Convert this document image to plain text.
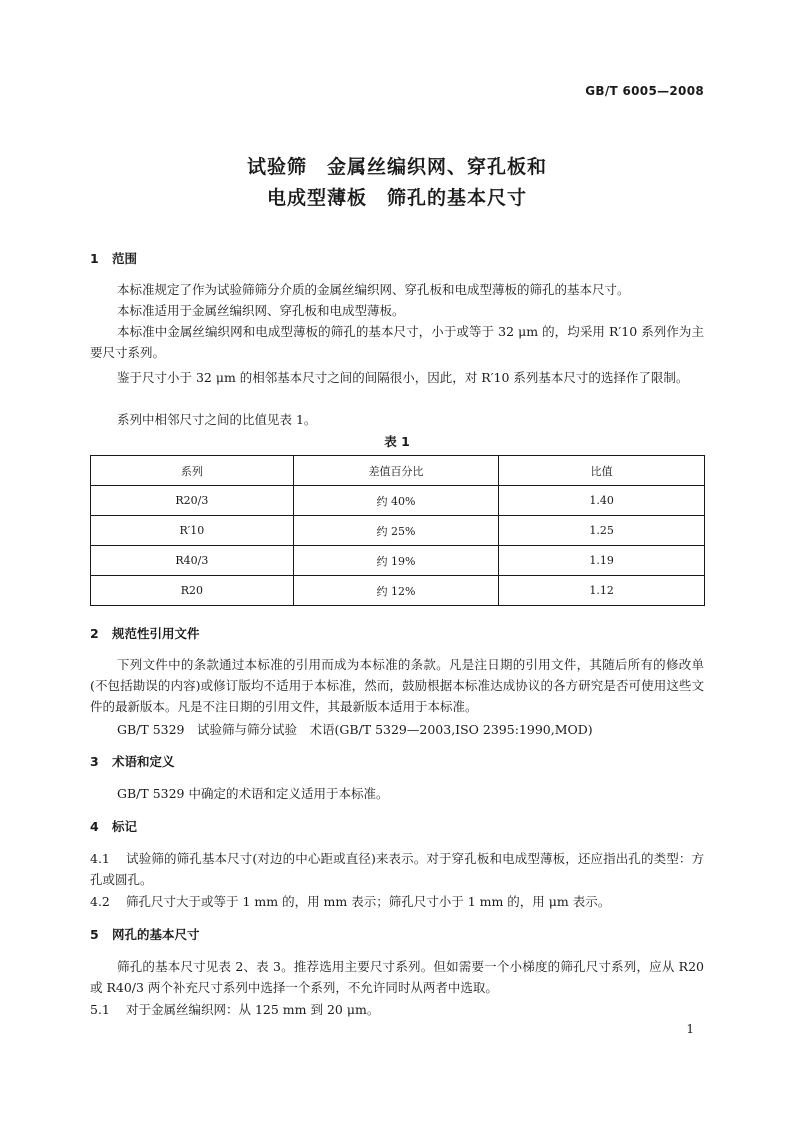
GB/T 6005—2008
试验筛　金属丝编织网、穿孔板和
电成型薄板　筛孔的基本尺寸
1 范围
本标准规定了作为试验筛筛分介质的金属丝编织网、穿孔板和电成型薄板的筛孔的基本尺寸。
本标准适用于金属丝编织网、穿孔板和电成型薄板。
本标准中金属丝编织网和电成型薄板的筛孔的基本尺寸，小于或等于 32 μm 的，均采用 R′10 系列作为主要尺寸系列。
鉴于尺寸小于 32 μm 的相邻基本尺寸之间的间隔很小，因此，对 R′10 系列基本尺寸的选择作了限制。
系列中相邻尺寸之间的比值见表 1。
表 1
系列	差值百分比	比值
R20/3	约 40%	1.40
R′10	约 25%	1.25
R40/3	约 19%	1.19
R20	约 12%	1.12
2 规范性引用文件
下列文件中的条款通过本标准的引用而成为本标准的条款。凡是注日期的引用文件，其随后所有的修改单(不包括勘误的内容)或修订版均不适用于本标准，然而，鼓励根据本标准达成协议的各方研究是否可使用这些文件的最新版本。凡是不注日期的引用文件，其最新版本适用于本标准。
GB/T 5329　试验筛与筛分试验　术语(GB/T 5329—2003,ISO 2395:1990,MOD)
3 术语和定义
GB/T 5329 中确定的术语和定义适用于本标准。
4 标记
4.1 试验筛的筛孔基本尺寸(对边的中心距或直径)来表示。对于穿孔板和电成型薄板，还应指出孔的类型：方孔或圆孔。
4.2 筛孔尺寸大于或等于 1 mm 的，用 mm 表示；筛孔尺寸小于 1 mm 的，用 μm 表示。
5 网孔的基本尺寸
筛孔的基本尺寸见表 2、表 3。推荐选用主要尺寸系列。但如需要一个小梯度的筛孔尺寸系列，应从 R20 或 R40/3 两个补充尺寸系列中选择一个系列，不允许同时从两者中选取。
5.1 对于金属丝编织网：从 125 mm 到 20 μm。
1
